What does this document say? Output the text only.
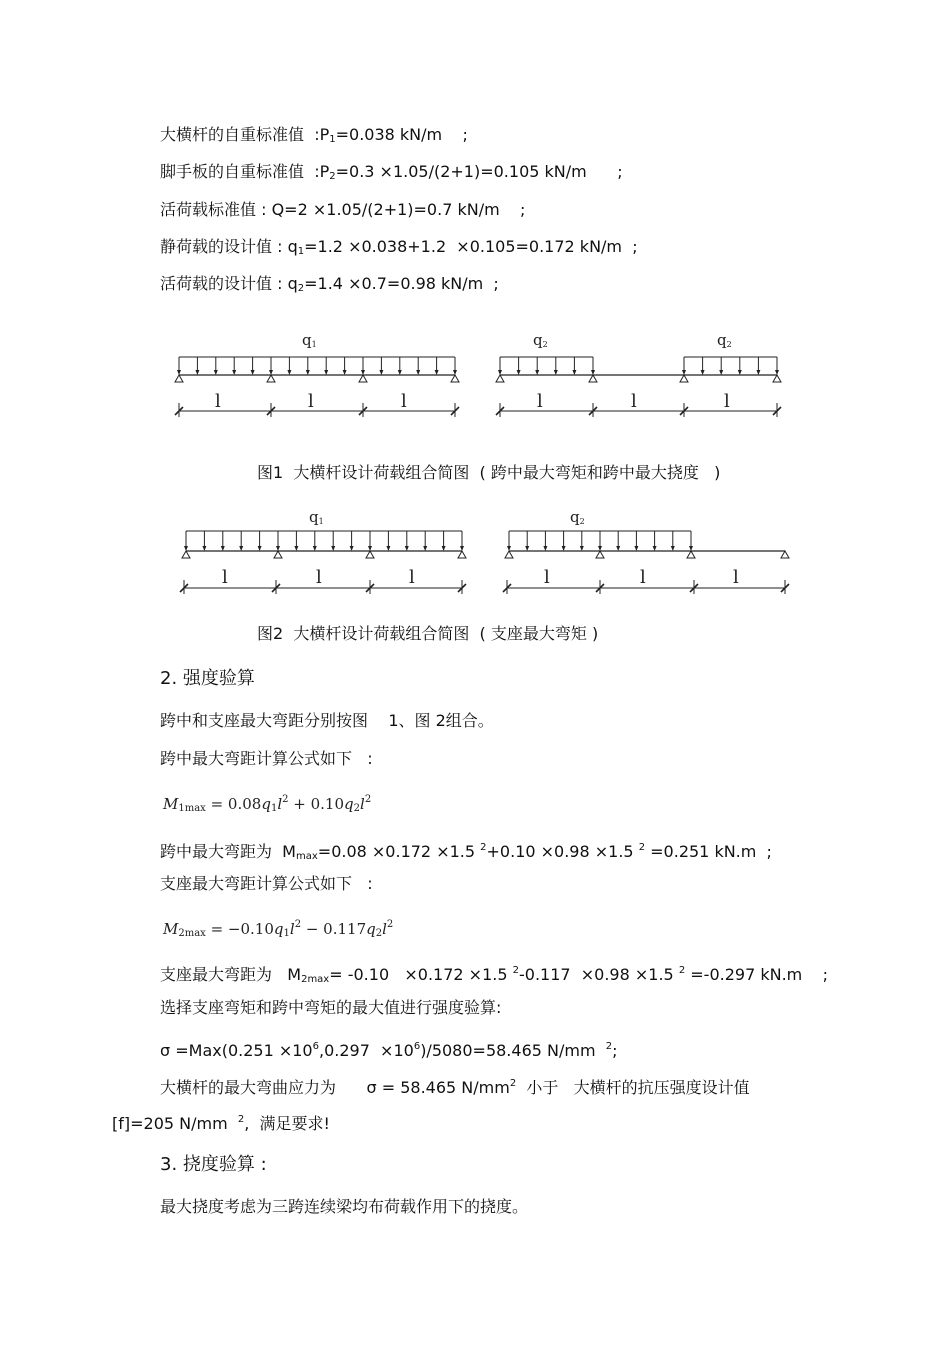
大横杆的自重标准值 $:P_1=0.038$ kN/m    ;
脚手板的自重标准值 $:P_2=0.3 \times 1.05/(2+1)=0.105$ kN/m      ;
活荷载标准值 : Q=2 ×1.05/(2+1)=0.7 kN/m    ;
静荷载的设计值 : $q_1=1.2 \times 0.038+1.2 \times 0.105=0.172$ kN/m  ;
活荷载的设计值 : $q_2=1.4 \times 0.7=0.98$ kN/m  ;
q1
l	l	l
q2	q2
l	l	l
图1  大横杆设计荷载组合简图  ( 跨中最大弯矩和跨中最大挠度   )
q1
l	l	l
q2
l	l	l
图2  大横杆设计荷载组合简图  ( 支座最大弯矩 )
2. 强度验算
跨中和支座最大弯距分别按图    1、图 2组合。
跨中最大弯距计算公式如下   :
$M_{1max} = 0.08q_1l^2 + 0.10q_2l^2$
跨中最大弯距为  $M_{max}=0.08 \times 0.172 \times 1.5$ $^2$+0.10 ×0.98 ×1.5 $^2$ =0.251 kN.m  ;
支座最大弯距计算公式如下   :
$M_{2max} = -0.10q_1l^2 - 0.117q_2l^2$
支座最大弯距为   $M_{2max}= -0.10 \times 0.172 \times 1.5$ $^2$-0.117  ×0.98 ×1.5 $^2$ =-0.297 kN.m    ;
选择支座弯矩和跨中弯矩的最大值进行强度验算:
$\sigma =Max(0.251 \times 10^6,0.297 \times 10^6)/5080=58.465$ N/mm  $^2$;
大横杆的最大弯曲应力为      σ = 58.465 $N/mm^2$  小于   大横杆的抗压强度设计值
[f]=205 N/mm  $^2$,  满足要求!
3. 挠度验算 :
最大挠度考虑为三跨连续梁均布荷载作用下的挠度。
